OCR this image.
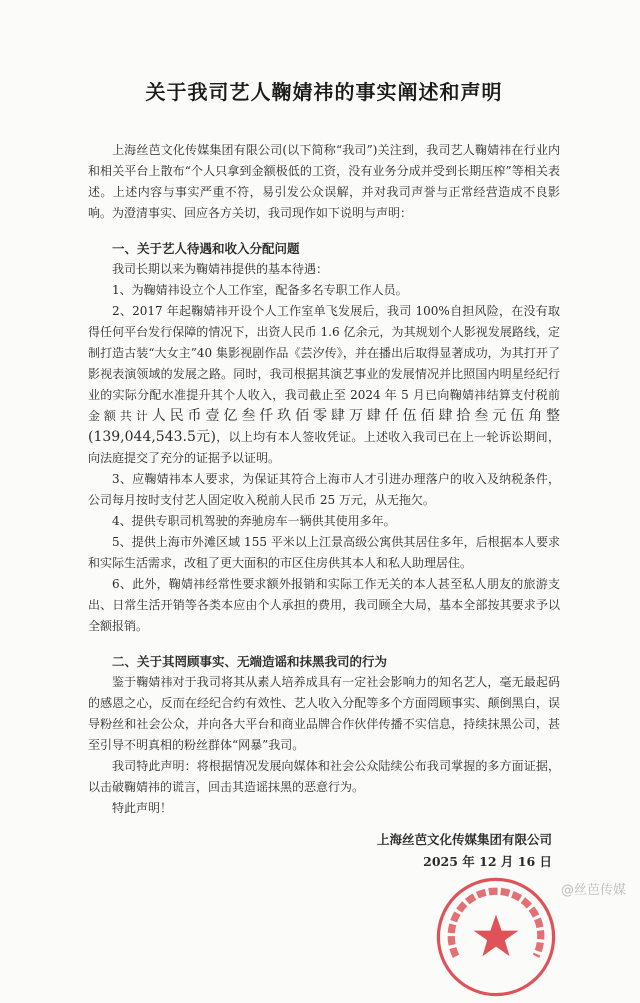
关于我司艺人鞠婧祎的事实阐述和声明

上海丝芭文化传媒集团有限公司(以下简称“我司”)关注到，我司艺人鞠婧祎在行业内和相关平台上散布“个人只拿到金额极低的工资，没有业务分成并受到长期压榨”等相关表述。上述内容与事实严重不符，易引发公众误解，并对我司声誉与正常经营造成不良影响。为澄清事实、回应各方关切，我司现作如下说明与声明：

一、关于艺人待遇和收入分配问题

我司长期以来为鞠婧祎提供的基本待遇：

1、为鞠婧祎设立个人工作室，配备多名专职工作人员。

2、2017 年起鞠婧祎开设个人工作室单飞发展后，我司 100%自担风险，在没有取得任何平台发行保障的情况下，出资人民币 1.6 亿余元，为其规划个人影视发展路线，定制打造古装“大女主”40 集影视剧作品《芸汐传》，并在播出后取得显著成功，为其打开了影视表演领域的发展之路。同时，我司根据其演艺事业的发展情况并比照国内明星经纪行业的实际分配水准提升其个人收入，我司截止至 2024 年 5 月已向鞠婧祎结算支付税前金额共计人民币壹亿叁仟玖佰零肆万肆仟伍佰肆拾叁元伍角整(139,044,543.5元)，以上均有本人签收凭证。上述收入我司已在上一轮诉讼期间，向法庭提交了充分的证据予以证明。

3、应鞠婧祎本人要求，为保证其符合上海市人才引进办理落户的收入及纳税条件，公司每月按时支付艺人固定收入税前人民币 25 万元，从无拖欠。

4、提供专职司机驾驶的奔驰房车一辆供其使用多年。

5、提供上海市外滩区域 155 平米以上江景高级公寓供其居住多年，后根据本人要求和实际生活需求，改租了更大面积的市区住房供其本人和私人助理居住。

6、此外，鞠婧祎经常性要求额外报销和实际工作无关的本人甚至私人朋友的旅游支出、日常生活开销等各类本应由个人承担的费用，我司顾全大局，基本全部按其要求予以全额报销。

二、关于其罔顾事实、无端造谣和抹黑我司的行为

鉴于鞠婧祎对于我司将其从素人培养成具有一定社会影响力的知名艺人，毫无最起码的感恩之心，反而在经纪合约有效性、艺人收入分配等多个方面罔顾事实、颠倒黑白，误导粉丝和社会公众，并向各大平台和商业品牌合作伙伴传播不实信息，持续抹黑公司，甚至引导不明真相的粉丝群体“网暴”我司。

我司特此声明：将根据情况发展向媒体和社会公众陆续公布我司掌握的多方面证据，以击破鞠婧祎的谎言，回击其造谣抹黑的恶意行为。

特此声明！

上海丝芭文化传媒集团有限公司
2025 年 12 月 16 日
@丝芭传媒
